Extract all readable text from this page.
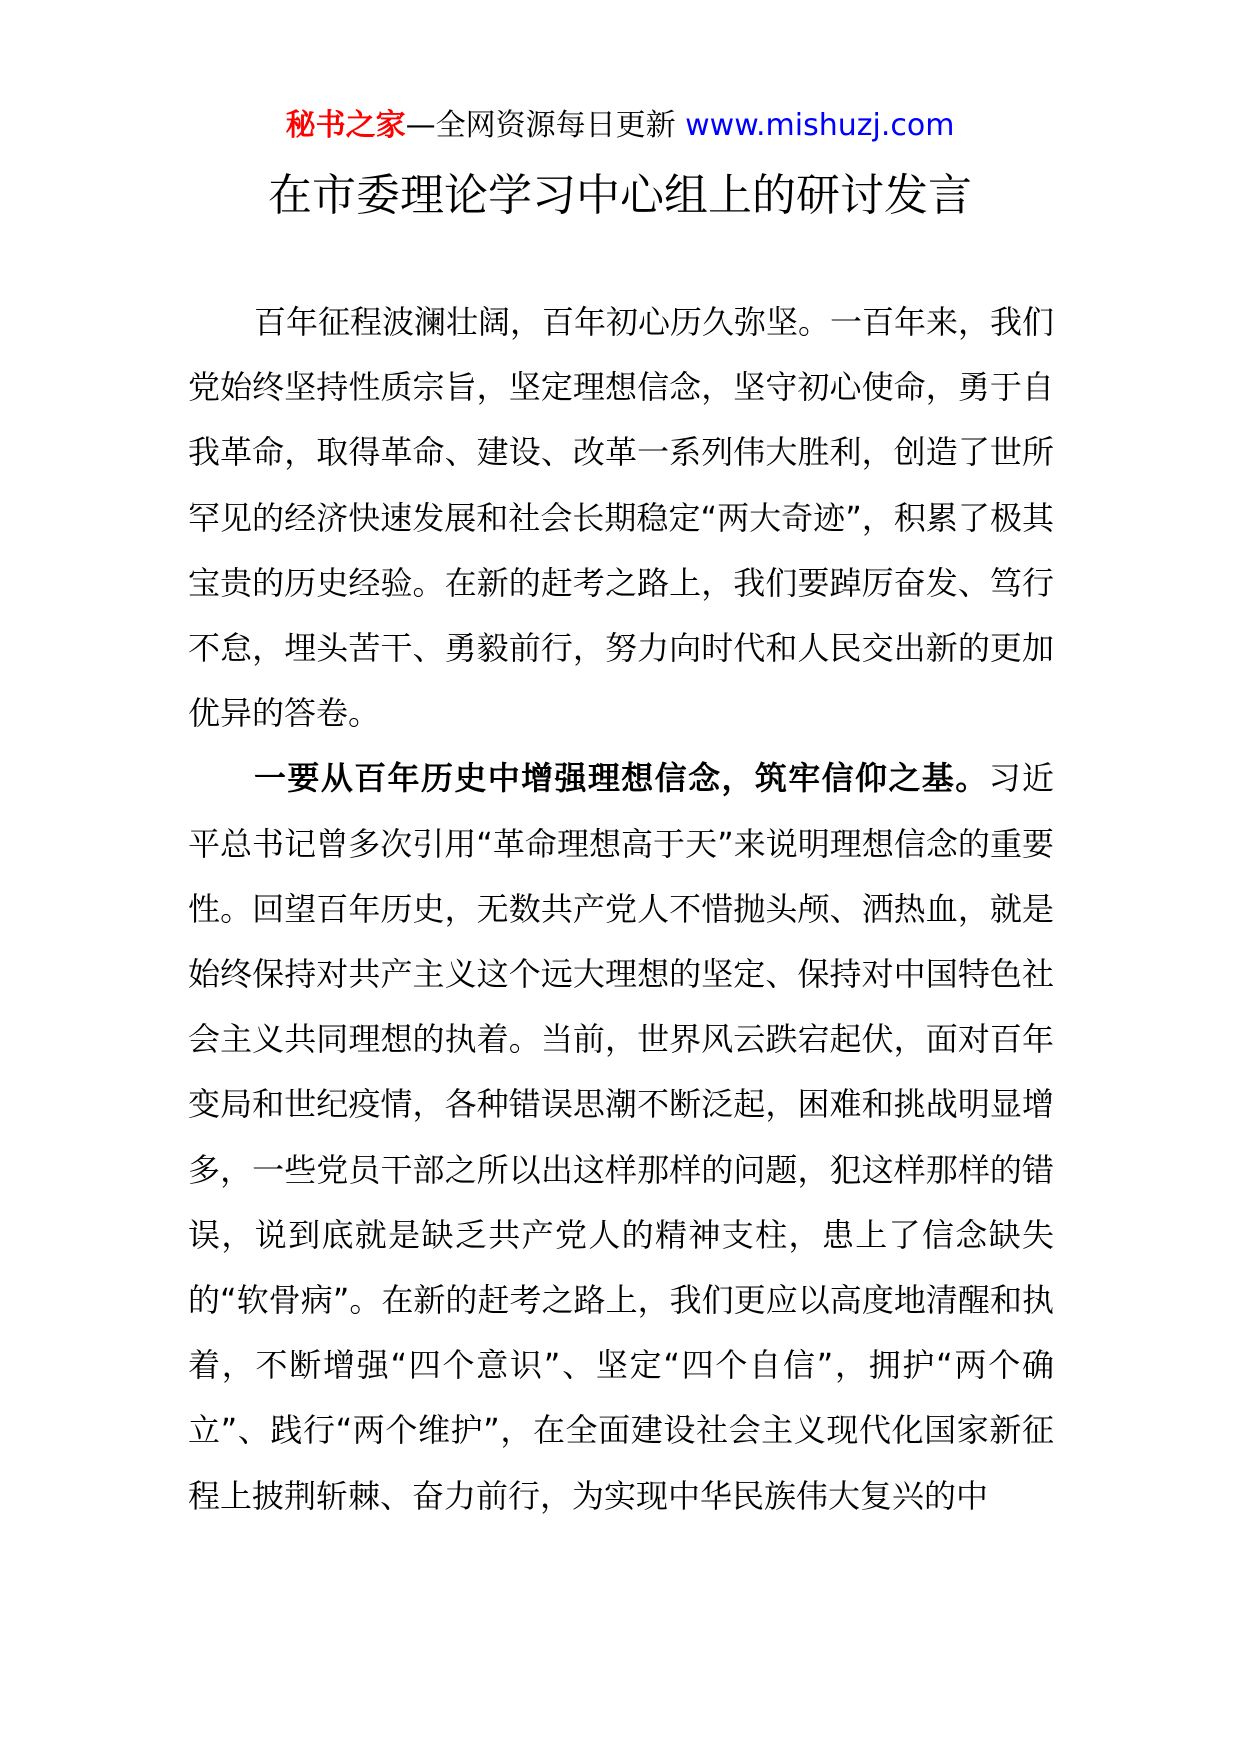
秘书之家—全网资源每日更新 www.mishuzj.com
在市委理论学习中心组上的研讨发言

百年征程波澜壮阔，百年初心历久弥坚。一百年来，我们党始终坚持性质宗旨，坚定理想信念，坚守初心使命，勇于自我革命，取得革命、建设、改革一系列伟大胜利，创造了世所罕见的经济快速发展和社会长期稳定“两大奇迹”，积累了极其宝贵的历史经验。在新的赶考之路上，我们要踔厉奋发、笃行不怠，埋头苦干、勇毅前行，努力向时代和人民交出新的更加优异的答卷。

一要从百年历史中增强理想信念，筑牢信仰之基。习近平总书记曾多次引用“革命理想高于天”来说明理想信念的重要性。回望百年历史，无数共产党人不惜抛头颅、洒热血，就是始终保持对共产主义这个远大理想的坚定、保持对中国特色社会主义共同理想的执着。当前，世界风云跌宕起伏，面对百年变局和世纪疫情，各种错误思潮不断泛起，困难和挑战明显增多，一些党员干部之所以出这样那样的问题，犯这样那样的错误，说到底就是缺乏共产党人的精神支柱，患上了信念缺失的“软骨病”。在新的赶考之路上，我们更应以高度地清醒和执着，不断增强“四个意识”、坚定“四个自信”，拥护“两个确立”、践行“两个维护”，在全面建设社会主义现代化国家新征程上披荆斩棘、奋力前行，为实现中华民族伟大复兴的中
